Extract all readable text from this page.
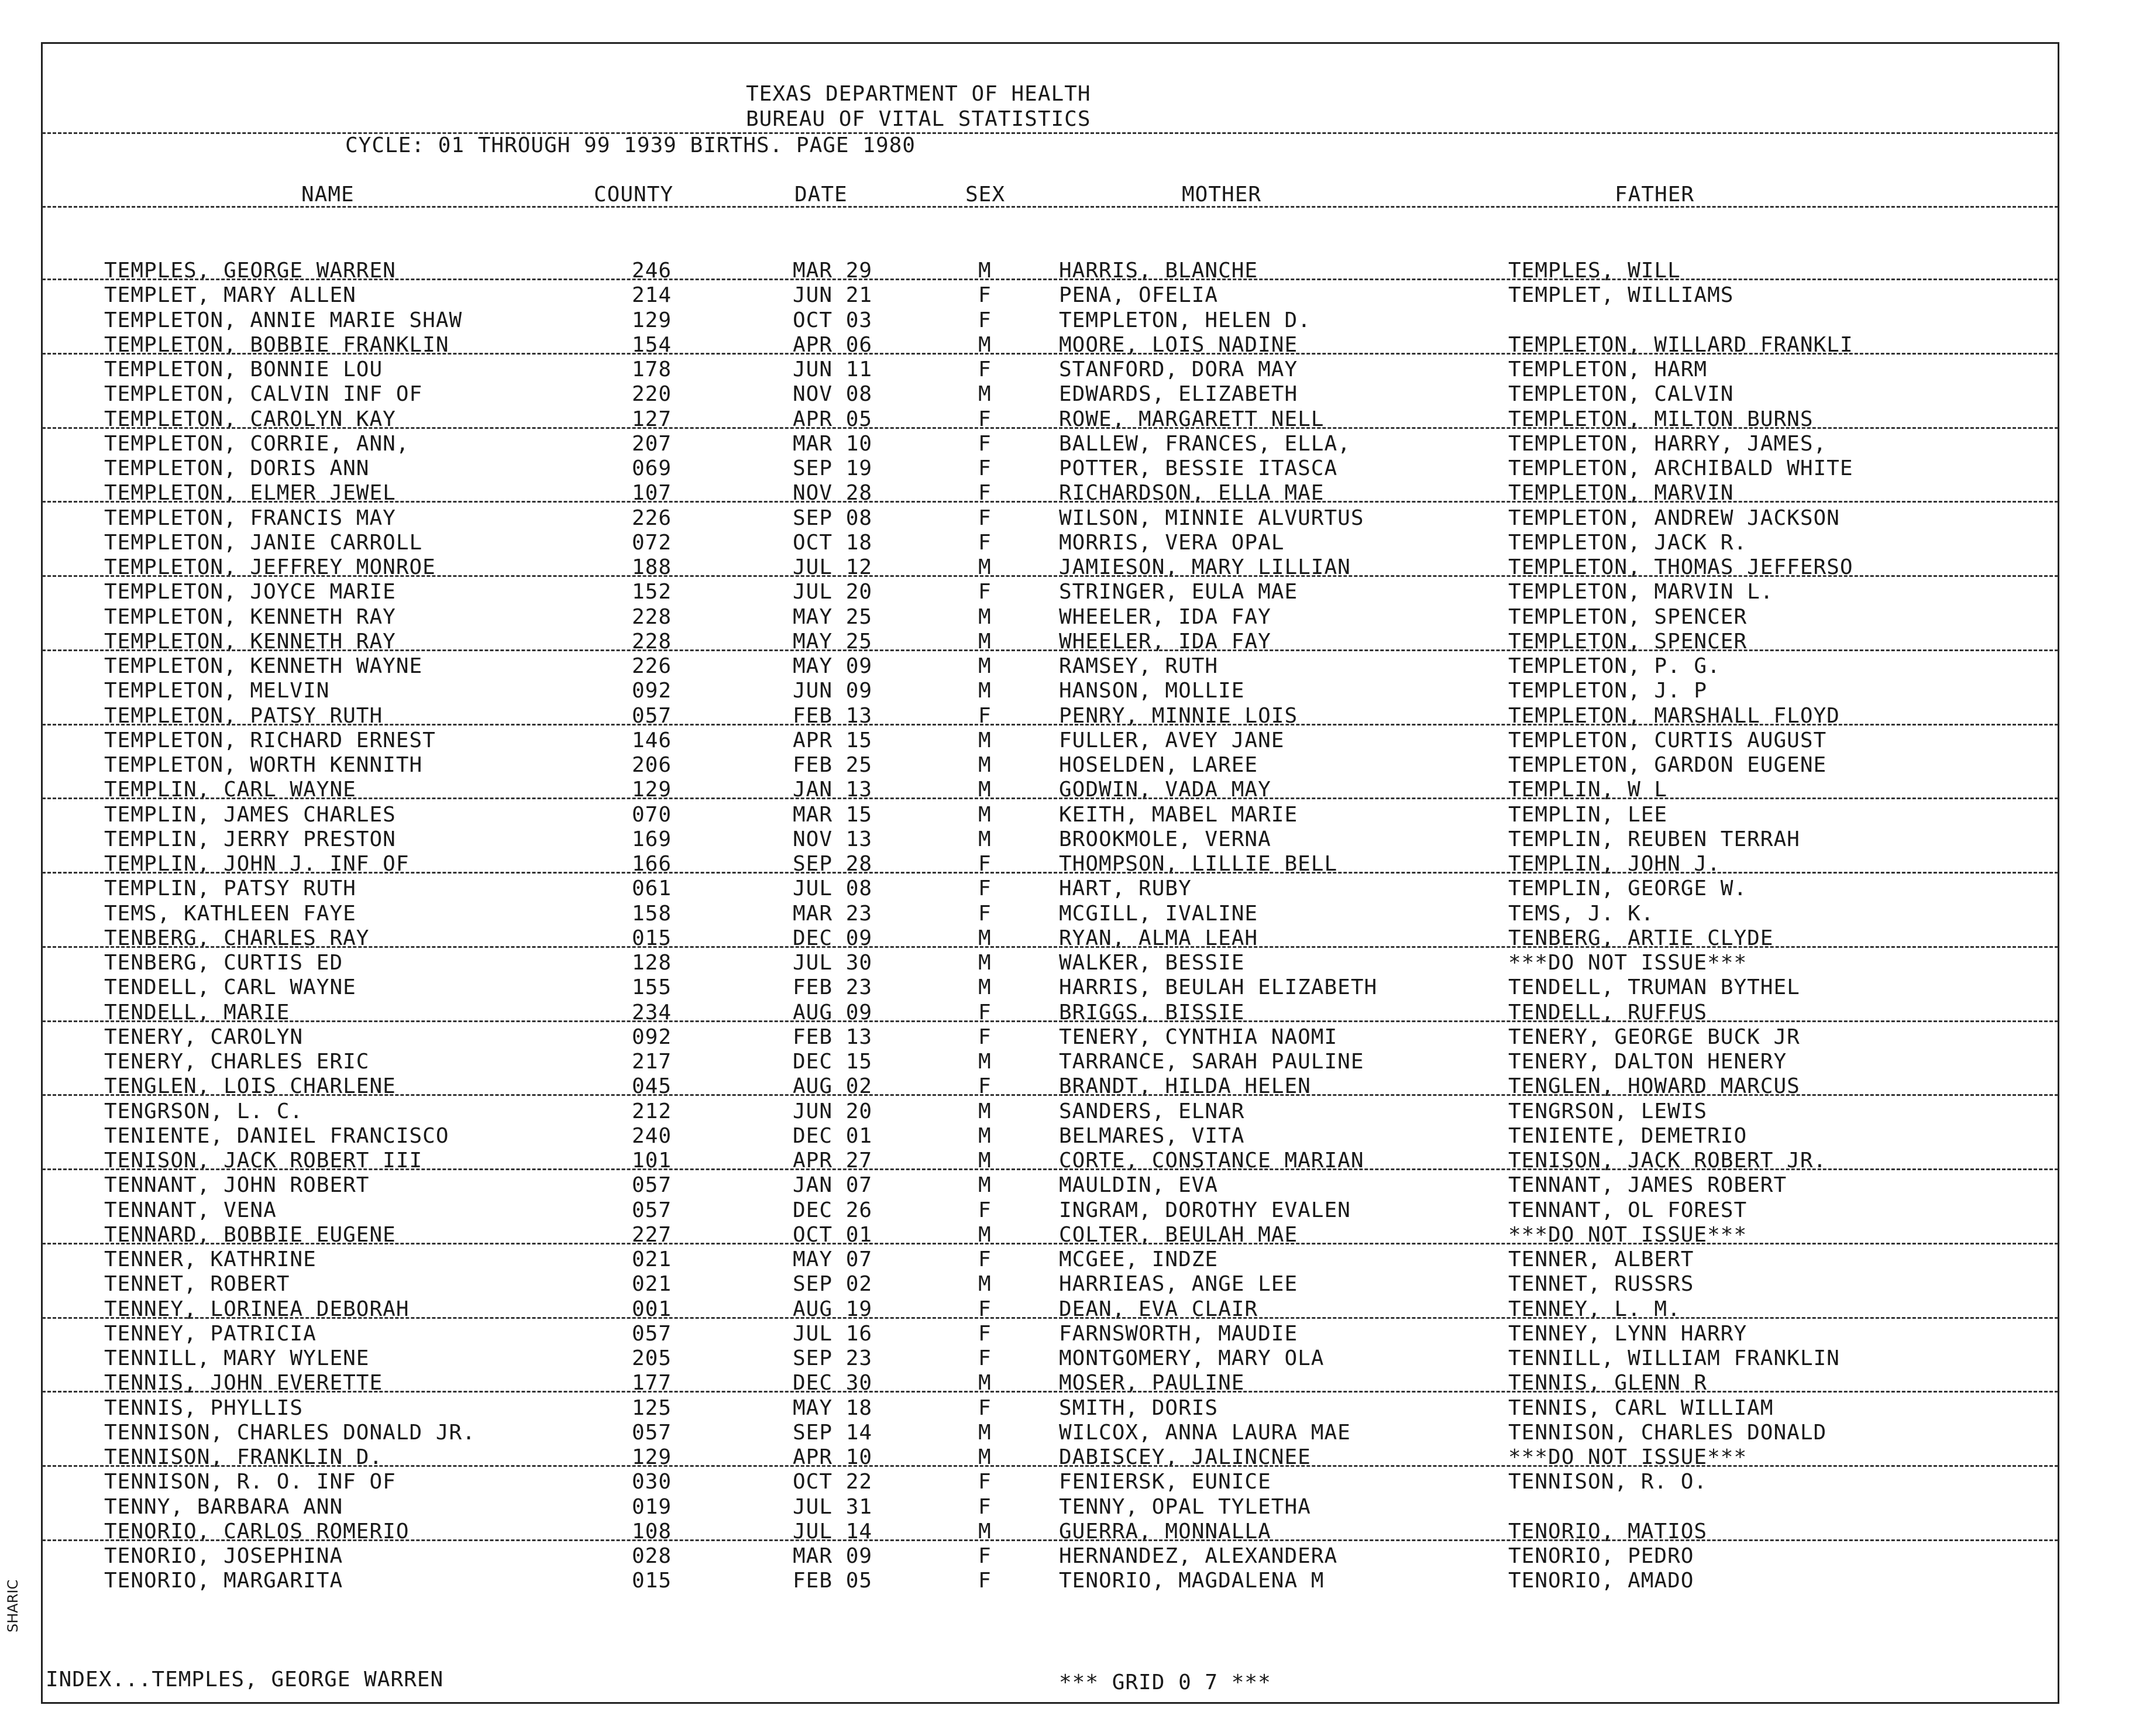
TEXAS DEPARTMENT OF HEALTH
BUREAU OF VITAL STATISTICS
CYCLE: 01 THROUGH 99 1939 BIRTHS. PAGE 1980
NAME	COUNTY	DATE	SEX	MOTHER	FATHER
TEMPLES, GEORGE WARREN	246	MAR 29	M	HARRIS, BLANCHE	TEMPLES, WILL
TEMPLET, MARY ALLEN	214	JUN 21	F	PENA, OFELIA	TEMPLET, WILLIAMS
TEMPLETON, ANNIE MARIE SHAW	129	OCT 03	F	TEMPLETON, HELEN D.
TEMPLETON, BOBBIE FRANKLIN	154	APR 06	M	MOORE, LOIS NADINE	TEMPLETON, WILLARD FRANKLI
TEMPLETON, BONNIE LOU	178	JUN 11	F	STANFORD, DORA MAY	TEMPLETON, HARM
TEMPLETON, CALVIN INF OF	220	NOV 08	M	EDWARDS, ELIZABETH	TEMPLETON, CALVIN
TEMPLETON, CAROLYN KAY	127	APR 05	F	ROWE, MARGARETT NELL	TEMPLETON, MILTON BURNS
TEMPLETON, CORRIE, ANN,	207	MAR 10	F	BALLEW, FRANCES, ELLA,	TEMPLETON, HARRY, JAMES,
TEMPLETON, DORIS ANN	069	SEP 19	F	POTTER, BESSIE ITASCA	TEMPLETON, ARCHIBALD WHITE
TEMPLETON, ELMER JEWEL	107	NOV 28	F	RICHARDSON, ELLA MAE	TEMPLETON, MARVIN
TEMPLETON, FRANCIS MAY	226	SEP 08	F	WILSON, MINNIE ALVURTUS	TEMPLETON, ANDREW JACKSON
TEMPLETON, JANIE CARROLL	072	OCT 18	F	MORRIS, VERA OPAL	TEMPLETON, JACK R.
TEMPLETON, JEFFREY MONROE	188	JUL 12	M	JAMIESON, MARY LILLIAN	TEMPLETON, THOMAS JEFFERSO
TEMPLETON, JOYCE MARIE	152	JUL 20	F	STRINGER, EULA MAE	TEMPLETON, MARVIN L.
TEMPLETON, KENNETH RAY	228	MAY 25	M	WHEELER, IDA FAY	TEMPLETON, SPENCER
TEMPLETON, KENNETH RAY	228	MAY 25	M	WHEELER, IDA FAY	TEMPLETON, SPENCER
TEMPLETON, KENNETH WAYNE	226	MAY 09	M	RAMSEY, RUTH	TEMPLETON, P. G.
TEMPLETON, MELVIN	092	JUN 09	M	HANSON, MOLLIE	TEMPLETON, J. P
TEMPLETON, PATSY RUTH	057	FEB 13	F	PENRY, MINNIE LOIS	TEMPLETON, MARSHALL FLOYD
TEMPLETON, RICHARD ERNEST	146	APR 15	M	FULLER, AVEY JANE	TEMPLETON, CURTIS AUGUST
TEMPLETON, WORTH KENNITH	206	FEB 25	M	HOSELDEN, LAREE	TEMPLETON, GARDON EUGENE
TEMPLIN, CARL WAYNE	129	JAN 13	M	GODWIN, VADA MAY	TEMPLIN, W L
TEMPLIN, JAMES CHARLES	070	MAR 15	M	KEITH, MABEL MARIE	TEMPLIN, LEE
TEMPLIN, JERRY PRESTON	169	NOV 13	M	BROOKMOLE, VERNA	TEMPLIN, REUBEN TERRAH
TEMPLIN, JOHN J. INF OF	166	SEP 28	F	THOMPSON, LILLIE BELL	TEMPLIN, JOHN J.
TEMPLIN, PATSY RUTH	061	JUL 08	F	HART, RUBY	TEMPLIN, GEORGE W.
TEMS, KATHLEEN FAYE	158	MAR 23	F	MCGILL, IVALINE	TEMS, J. K.
TENBERG, CHARLES RAY	015	DEC 09	M	RYAN, ALMA LEAH	TENBERG, ARTIE CLYDE
TENBERG, CURTIS ED	128	JUL 30	M	WALKER, BESSIE	***DO NOT ISSUE***
TENDELL, CARL WAYNE	155	FEB 23	M	HARRIS, BEULAH ELIZABETH	TENDELL, TRUMAN BYTHEL
TENDELL, MARIE	234	AUG 09	F	BRIGGS, BISSIE	TENDELL, RUFFUS
TENERY, CAROLYN	092	FEB 13	F	TENERY, CYNTHIA NAOMI	TENERY, GEORGE BUCK JR
TENERY, CHARLES ERIC	217	DEC 15	M	TARRANCE, SARAH PAULINE	TENERY, DALTON HENERY
TENGLEN, LOIS CHARLENE	045	AUG 02	F	BRANDT, HILDA HELEN	TENGLEN, HOWARD MARCUS
TENGRSON, L. C.	212	JUN 20	M	SANDERS, ELNAR	TENGRSON, LEWIS
TENIENTE, DANIEL FRANCISCO	240	DEC 01	M	BELMARES, VITA	TENIENTE, DEMETRIO
TENISON, JACK ROBERT III	101	APR 27	M	CORTE, CONSTANCE MARIAN	TENISON, JACK ROBERT JR.
TENNANT, JOHN ROBERT	057	JAN 07	M	MAULDIN, EVA	TENNANT, JAMES ROBERT
TENNANT, VENA	057	DEC 26	F	INGRAM, DOROTHY EVALEN	TENNANT, OL FOREST
TENNARD, BOBBIE EUGENE	227	OCT 01	M	COLTER, BEULAH MAE	***DO NOT ISSUE***
TENNER, KATHRINE	021	MAY 07	F	MCGEE, INDZE	TENNER, ALBERT
TENNET, ROBERT	021	SEP 02	M	HARRIEAS, ANGE LEE	TENNET, RUSSRS
TENNEY, LORINEA DEBORAH	001	AUG 19	F	DEAN, EVA CLAIR	TENNEY, L. M.
TENNEY, PATRICIA	057	JUL 16	F	FARNSWORTH, MAUDIE	TENNEY, LYNN HARRY
TENNILL, MARY WYLENE	205	SEP 23	F	MONTGOMERY, MARY OLA	TENNILL, WILLIAM FRANKLIN
TENNIS, JOHN EVERETTE	177	DEC 30	M	MOSER, PAULINE	TENNIS, GLENN R
TENNIS, PHYLLIS	125	MAY 18	F	SMITH, DORIS	TENNIS, CARL WILLIAM
TENNISON, CHARLES DONALD JR.	057	SEP 14	M	WILCOX, ANNA LAURA MAE	TENNISON, CHARLES DONALD
TENNISON, FRANKLIN D.	129	APR 10	M	DABISCEY, JALINCNEE	***DO NOT ISSUE***
TENNISON, R. O. INF OF	030	OCT 22	F	FENIERSK, EUNICE	TENNISON, R. O.
TENNY, BARBARA ANN	019	JUL 31	F	TENNY, OPAL TYLETHA
TENORIO, CARLOS ROMERIO	108	JUL 14	M	GUERRA, MONNALLA	TENORIO, MATIOS
TENORIO, JOSEPHINA	028	MAR 09	F	HERNANDEZ, ALEXANDERA	TENORIO, PEDRO
TENORIO, MARGARITA	015	FEB 05	F	TENORIO, MAGDALENA M	TENORIO, AMADO
INDEX...TEMPLES, GEORGE WARREN	*** GRID 0 7 ***
SHARIC
